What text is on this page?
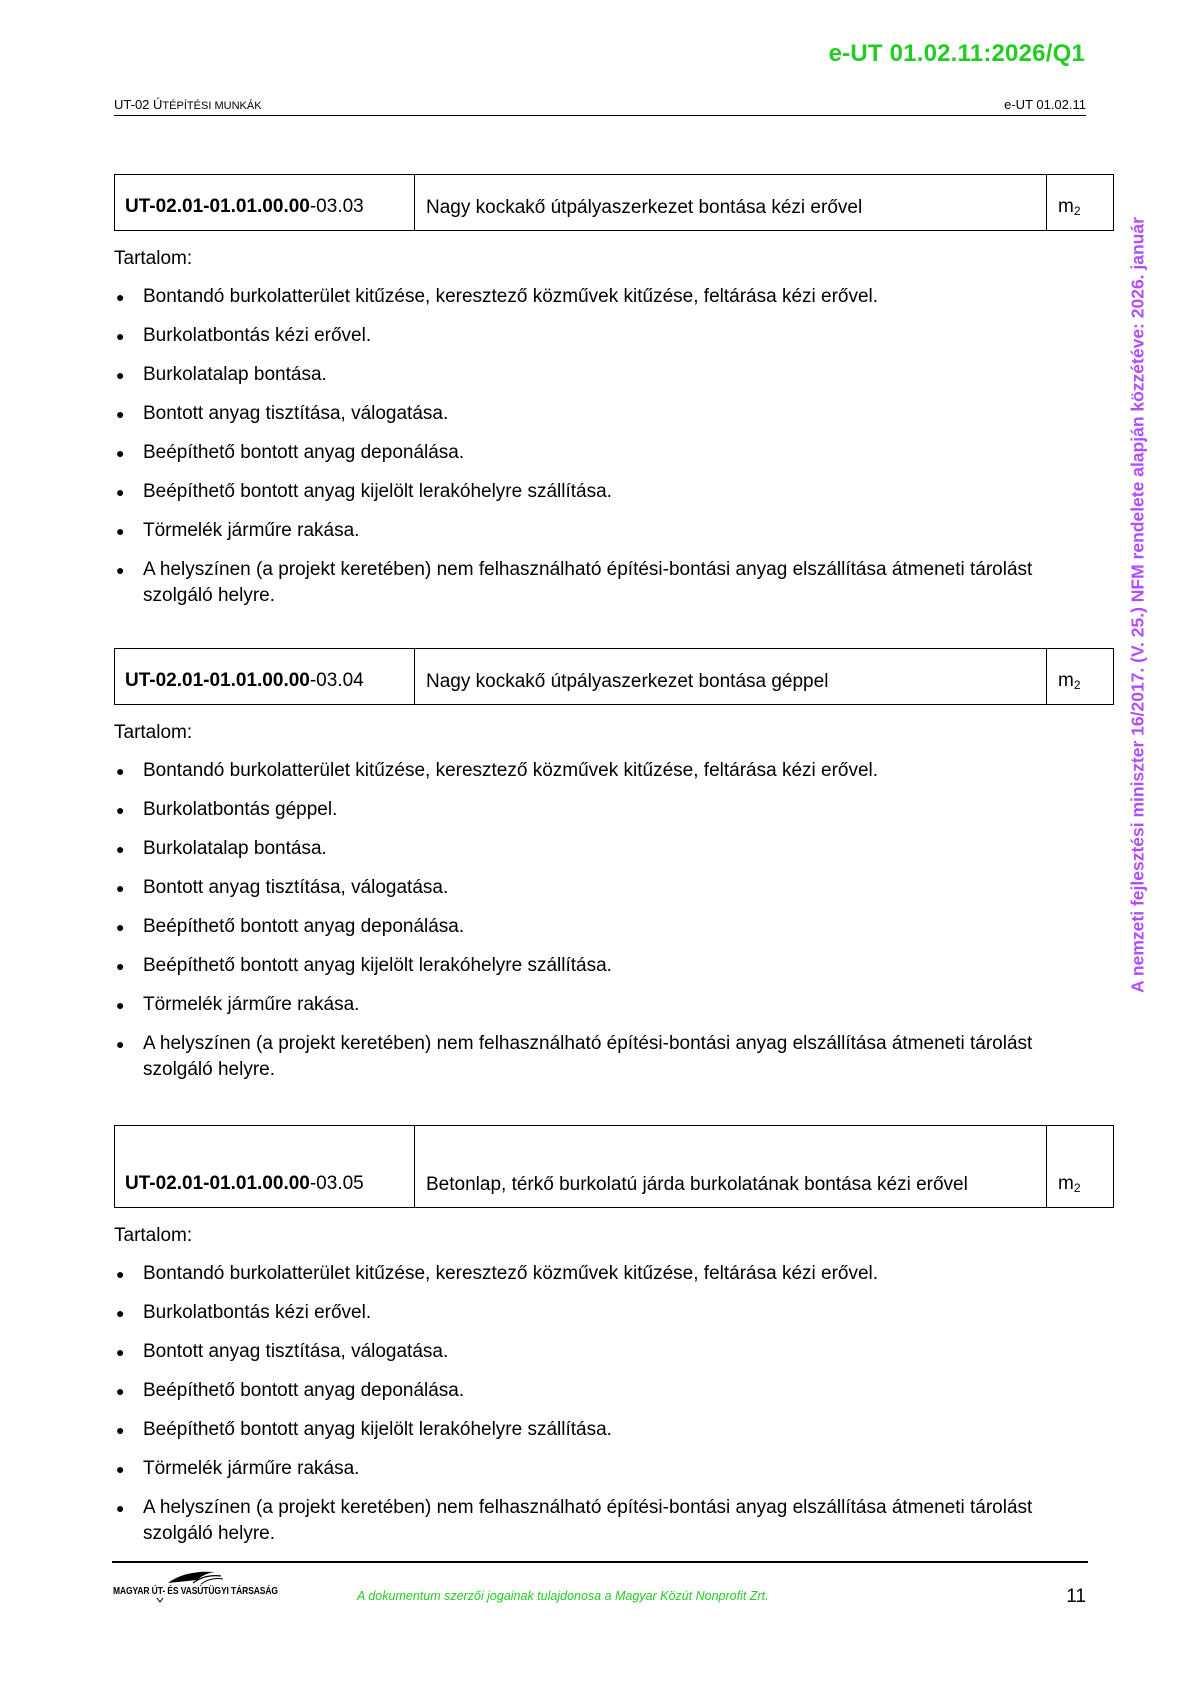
e-UT 01.02.11:2026/Q1
UT-02 ÚTÉPÍTÉSI MUNKÁK	e-UT 01.02.11
UT-02.01-01.01.00.00 -03.03	Nagy kockakő útpályaszerkezet bontása kézi erővel	$m_2$
Tartalom:
● Bontandó burkolatterület kitűzése, keresztező közművek kitűzése, feltárása kézi erővel.
● Burkolatbontás kézi erővel.
● Burkolatalap bontása.
● Bontott anyag tisztítása, válogatása.
● Beépíthető bontott anyag deponálása.
● Beépíthető bontott anyag kijelölt lerakóhelyre szállítása.
● Törmelék járműre rakása.
● A helyszínen (a projekt keretében) nem felhasználható építési-bontási anyag elszállítása átmeneti tárolást szolgáló helyre.
UT-02.01-01.01.00.00 -03.04	Nagy kockakő útpályaszerkezet bontása géppel	$m_2$
Tartalom:
● Bontandó burkolatterület kitűzése, keresztező közművek kitűzése, feltárása kézi erővel.
● Burkolatbontás géppel.
● Burkolatalap bontása.
● Bontott anyag tisztítása, válogatása.
● Beépíthető bontott anyag deponálása.
● Beépíthető bontott anyag kijelölt lerakóhelyre szállítása.
● Törmelék járműre rakása.
● A helyszínen (a projekt keretében) nem felhasználható építési-bontási anyag elszállítása átmeneti tárolást szolgáló helyre.
UT-02.01-01.01.00.00 -03.05	Betonlap, térkő burkolatú járda burkolatának bontása kézi erővel	$m_2$
Tartalom:
● Bontandó burkolatterület kitűzése, keresztező közművek kitűzése, feltárása kézi erővel.
● Burkolatbontás kézi erővel.
● Bontott anyag tisztítása, válogatása.
● Beépíthető bontott anyag deponálása.
● Beépíthető bontott anyag kijelölt lerakóhelyre szállítása.
● Törmelék járműre rakása.
● A helyszínen (a projekt keretében) nem felhasználható építési-bontási anyag elszállítása átmeneti tárolást szolgáló helyre.
MAGYAR ÚT- ÉS VASÚTÜGYI TÁRSASÁG	A dokumentum szerzői jogainak tulajdonosa a Magyar Közút Nonprofit Zrt.	11
A nemzeti fejlesztési miniszter 16/2017. (V. 25.) NFM rendelete alapján közzétéve: 2026. január
